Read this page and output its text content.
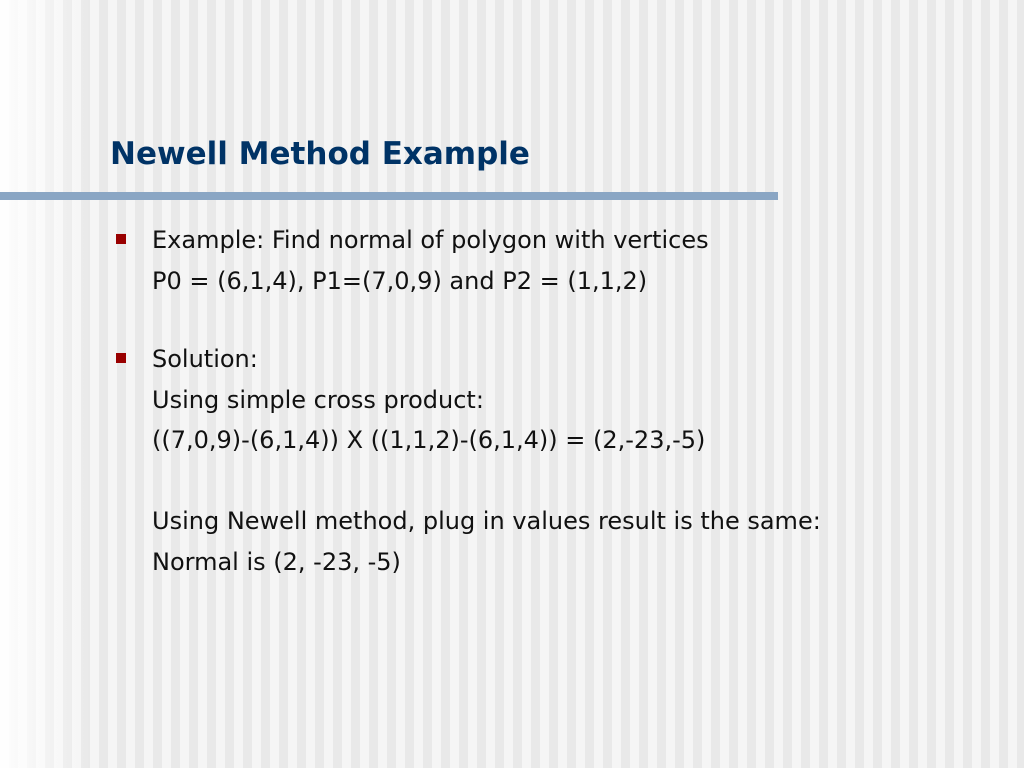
Newell Method Example
Example: Find normal of polygon with vertices
P0 = (6,1,4), P1=(7,0,9) and P2 = (1,1,2)
Solution:
Using simple cross product:
((7,0,9)-(6,1,4)) X ((1,1,2)-(6,1,4)) = (2,-23,-5)
Using Newell method, plug in values result is the same:
Normal is (2, -23, -5)
